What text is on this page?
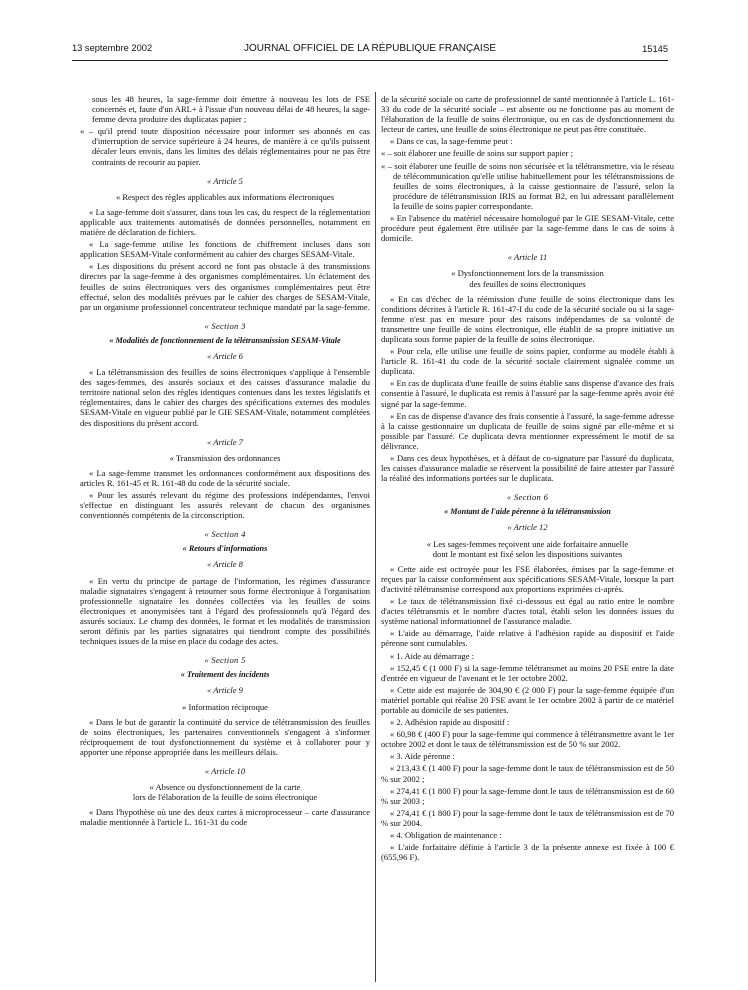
13 septembre 2002	JOURNAL OFFICIEL DE LA RÉPUBLIQUE FRANÇAISE	15145

sous les 48 heures, la sage-femme doit émettre à nouveau les lots de FSE concernés et, faute d'un ARL+ à l'issue d'un nouveau délai de 48 heures, la sage-femme devra produire des duplicatas papier ;

« – qu'il prend toute disposition nécessaire pour informer ses abonnés en cas d'interruption de service supérieure à 24 heures, de manière à ce qu'ils puissent décaler leurs envois, dans les limites des délais réglementaires pour ne pas être contraints de recourir au papier.

« Article 5

« Respect des règles applicables aux informations électroniques

« La sage-femme doit s'assurer, dans tous les cas, du respect de la réglementation applicable aux traitements automatisés de données personnelles, notamment en matière de déclaration de fichiers.

« La sage-femme utilise les fonctions de chiffrement incluses dans son application SESAM-Vitale conformément au cahier des charges SESAM-Vitale.

« Les dispositions du présent accord ne font pas obstacle à des transmissions directes par la sage-femme à des organismes complémentaires. Un éclatement des feuilles de soins électroniques vers des organismes complémentaires peut être effectué, selon des modalités prévues par le cahier des charges de SESAM-Vitale, par un organisme professionnel concentrateur technique mandaté par la sage-femme.

« Section 3

« Modalités de fonctionnement de la télétransmission SESAM-Vitale

« Article 6

« La télétransmission des feuilles de soins électroniques s'applique à l'ensemble des sages-femmes, des assurés sociaux et des caisses d'assurance maladie du territoire national selon des règles identiques contenues dans les textes législatifs et réglementaires, dans le cahier des charges des spécifications externes des modules SESAM-Vitale en vigueur publié par le GIE SESAM-Vitale, notamment complétées des dispositions du présent accord.

« Article 7

« Transmission des ordonnances

« La sage-femme transmet les ordonnances conformément aux dispositions des articles R. 161-45 et R. 161-48 du code de la sécurité sociale.

« Pour les assurés relevant du régime des professions indépendantes, l'envoi s'effectue en distinguant les assurés relevant de chacun des organismes conventionnés compétents de la circonscription.

« Section 4

« Retours d'informations

« Article 8

« En vertu du principe de partage de l'information, les régimes d'assurance maladie signataires s'engagent à retourner sous forme électronique à l'organisation professionnelle signataire les données collectées via les feuilles de soins électroniques et anonymisées tant à l'égard des professionnels qu'à l'égard des assurés sociaux. Le champ des données, le format et les modalités de transmission seront définis par les parties signataires qui tiendront compte des possibilités techniques issues de la mise en place du codage des actes.

« Section 5

« Traitement des incidents

« Article 9

« Information réciproque

« Dans le but de garantir la continuité du service de télétransmission des feuilles de soins électroniques, les partenaires conventionnels s'engagent à s'informer réciproquement de tout dysfonctionnement du système et à collaborer pour y apporter une réponse appropriée dans les meilleurs délais.

« Article 10

« Absence ou dysfonctionnement de la carte
lors de l'élaboration de la feuille de soins électronique

« Dans l'hypothèse où une des deux cartes à microprocesseur – carte d'assurance maladie mentionnée à l'article L. 161-31 du code

de la sécurité sociale ou carte de professionnel de santé mentionnée à l'article L. 161-33 du code de la sécurité sociale – est absente ou ne fonctionne pas au moment de l'élaboration de la feuille de soins électronique, ou en cas de dysfonctionnement du lecteur de cartes, une feuille de soins électronique ne peut pas être constituée.

« Dans ce cas, la sage-femme peut :

« – soit élaborer une feuille de soins sur support papier ;

« – soit élaborer une feuille de soins non sécurisée et la télétransmettre, via le réseau de télécommunication qu'elle utilise habituellement pour les télétransmissions de feuilles de soins électroniques, à la caisse gestionnaire de l'assuré, selon la procédure de télétransmission IRIS au format B2, en lui adressant parallèlement la feuille de soins papier correspondante.

« En l'absence du matériel nécessaire homologué par le GIE SESAM-Vitale, cette procédure peut également être utilisée par la sage-femme dans le cas de soins à domicile.

« Article 11

« Dysfonctionnement lors de la transmission
des feuilles de soins électroniques

« En cas d'échec de la réémission d'une feuille de soins électronique dans les conditions décrites à l'article R. 161-47-I du code de la sécurité sociale ou si la sage-femme n'est pas en mesure pour des raisons indépendantes de sa volonté de transmettre une feuille de soins électronique, elle établit de sa propre initiative un duplicata sous forme papier de la feuille de soins électronique.

« Pour cela, elle utilise une feuille de soins papier, conforme au modèle établi à l'article R. 161-41 du code de la sécurité sociale clairement signalée comme un duplicata.

« En cas de duplicata d'une feuille de soins établie sans dispense d'avance des frais consentie à l'assuré, le duplicata est remis à l'assuré par la sage-femme après avoir été signé par la sage-femme.

« En cas de dispense d'avance des frais consentie à l'assuré, la sage-femme adresse à la caisse gestionnaire un duplicata de feuille de soins signé par elle-même et si possible par l'assuré. Ce duplicata devra mentionner expressément le motif de sa délivrance.

« Dans ces deux hypothèses, et à défaut de co-signature par l'assuré du duplicata, les caisses d'assurance maladie se réservent la possibilité de faire attester par l'assuré la réalité des informations portées sur le duplicata.

« Section 6

« Montant de l'aide pérenne à la télétransmission

« Article 12

« Les sages-femmes reçoivent une aide forfaitaire annuelle
dont le montant est fixé selon les dispositions suivantes

« Cette aide est octroyée pour les FSE élaborées, émises par la sage-femme et reçues par la caisse conformément aux spécifications SESAM-Vitale, lorsque la part d'activité télétransmise correspond aux proportions exprimées ci-après.

« Le taux de télétransmission fixé ci-dessous est égal au ratio entre le nombre d'actes télétransmis et le nombre d'actes total, établi selon les données issues du système national informationnel de l'assurance maladie.

« L'aide au démarrage, l'aide relative à l'adhésion rapide au dispositif et l'aide pérenne sont cumulables.

« 1. Aide au démarrage :

« 152,45 € (1 000 F) si la sage-femme télétransmet au moins 20 FSE entre la date d'entrée en vigueur de l'avenant et le 1er octobre 2002.

« Cette aide est majorée de 304,90 € (2 000 F) pour la sage-femme équipée d'un matériel portable qui réalise 20 FSE avant le 1er octobre 2002 à partir de ce matériel portable au domicile de ses patientes.

« 2. Adhésion rapide au dispositif :

« 60,98 € (400 F) pour la sage-femme qui commence à télétransmettre avant le 1er octobre 2002 et dont le taux de télétransmission est de 50 % sur 2002.

« 3. Aide pérenne :

« 213,43 € (1 400 F) pour la sage-femme dont le taux de télétransmission est de 50 % sur 2002 ;

« 274,41 € (1 800 F) pour la sage-femme dont le taux de télétransmission est de 60 % sur 2003 ;

« 274,41 € (1 800 F) pour la sage-femme dont le taux de télétransmission est de 70 % sur 2004.

« 4. Obligation de maintenance :

« L'aide forfaitaire définie à l'article 3 de la présente annexe est fixée à 100 € (655,96 F).
